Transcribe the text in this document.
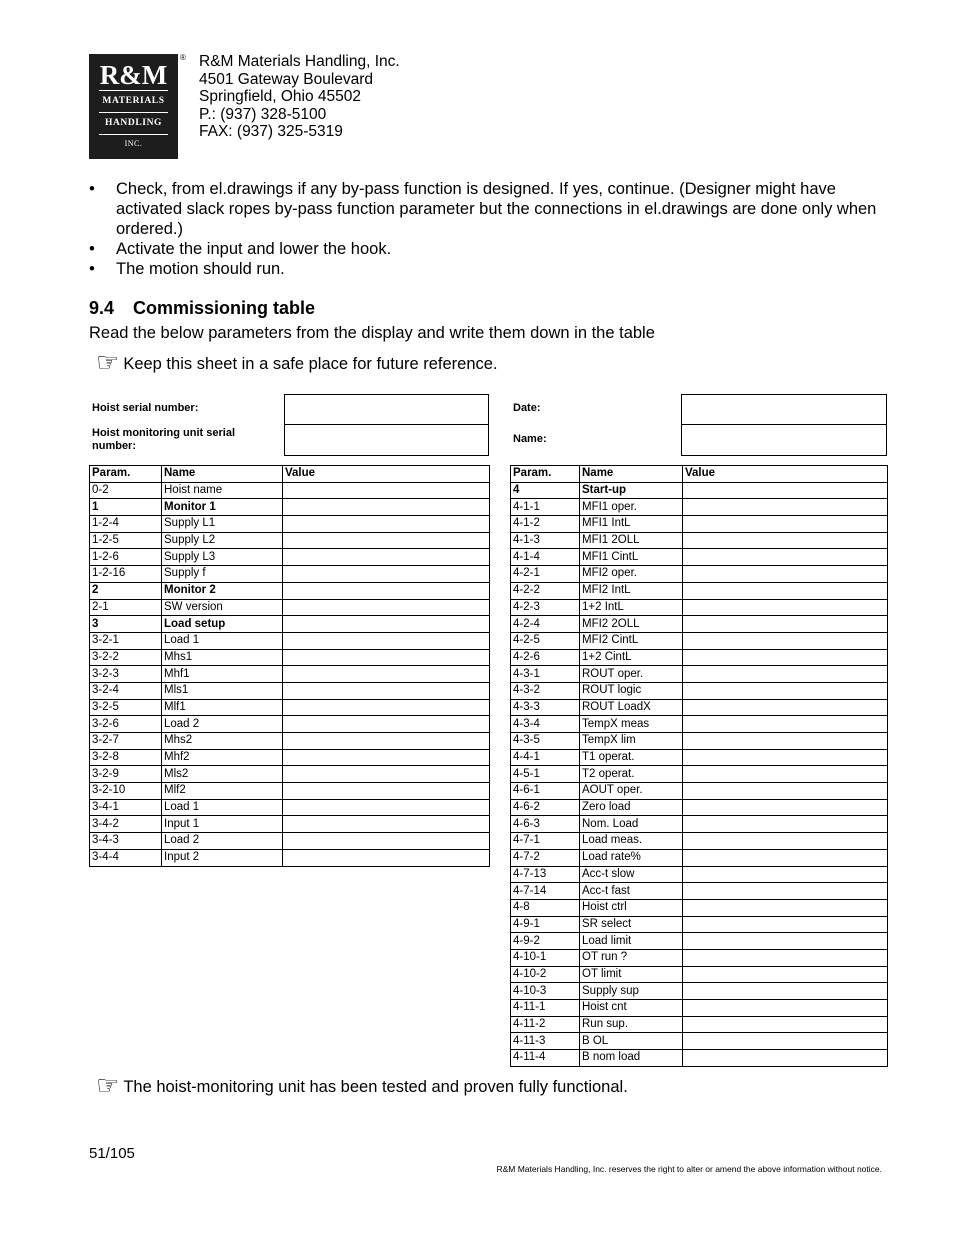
R&M
MATERIALS
HANDLING
INC.
® R&M Materials Handling, Inc.
4501 Gateway Boulevard
Springfield, Ohio 45502
P.: (937) 328-5100
FAX: (937) 325-5319
•	Check, from el.drawings if any by-pass function is designed. If yes, continue. (Designer might have activated slack ropes by-pass function parameter but the connections in el.drawings are done only when ordered.)
•	Activate the input and lower the hook.
•	The motion should run.
9.4 Commissioning table
Read the below parameters from the display and write them down in the table
☞ Keep this sheet in a safe place for future reference.
Hoist serial number:
Hoist monitoring unit serial number:
Date:
Name:
Param.	Name	Value
0-2	Hoist name	
1	Monitor 1	
1-2-4	Supply L1	
1-2-5	Supply L2	
1-2-6	Supply L3	
1-2-16	Supply f	
2	Monitor 2	
2-1	SW version	
3	Load setup	
3-2-1	Load 1	
3-2-2	Mhs1	
3-2-3	Mhf1	
3-2-4	Mls1	
3-2-5	Mlf1	
3-2-6	Load 2	
3-2-7	Mhs2	
3-2-8	Mhf2	
3-2-9	Mls2	
3-2-10	Mlf2	
3-4-1	Load 1	
3-4-2	Input 1	
3-4-3	Load 2	
3-4-4	Input 2	
Param.	Name	Value
4	Start-up	
4-1-1	MFI1 oper.	
4-1-2	MFI1 IntL	
4-1-3	MFI1 2OLL	
4-1-4	MFI1 CintL	
4-2-1	MFI2 oper.	
4-2-2	MFI2 IntL	
4-2-3	1+2 IntL	
4-2-4	MFI2 2OLL	
4-2-5	MFI2 CintL	
4-2-6	1+2 CintL	
4-3-1	ROUT oper.	
4-3-2	ROUT logic	
4-3-3	ROUT LoadX	
4-3-4	TempX meas	
4-3-5	TempX lim	
4-4-1	T1 operat.	
4-5-1	T2 operat.	
4-6-1	AOUT oper.	
4-6-2	Zero load	
4-6-3	Nom. Load	
4-7-1	Load meas.	
4-7-2	Load rate%	
4-7-13	Acc-t slow	
4-7-14	Acc-t fast	
4-8	Hoist ctrl	
4-9-1	SR select	
4-9-2	Load limit	
4-10-1	OT run ?	
4-10-2	OT limit	
4-10-3	Supply sup	
4-11-1	Hoist cnt	
4-11-2	Run sup.	
4-11-3	B OL	
4-11-4	B nom load	
☞ The hoist-monitoring unit has been tested and proven fully functional.
51/105
R&M Materials Handling, Inc. reserves the right to alter or amend the above information without notice.
